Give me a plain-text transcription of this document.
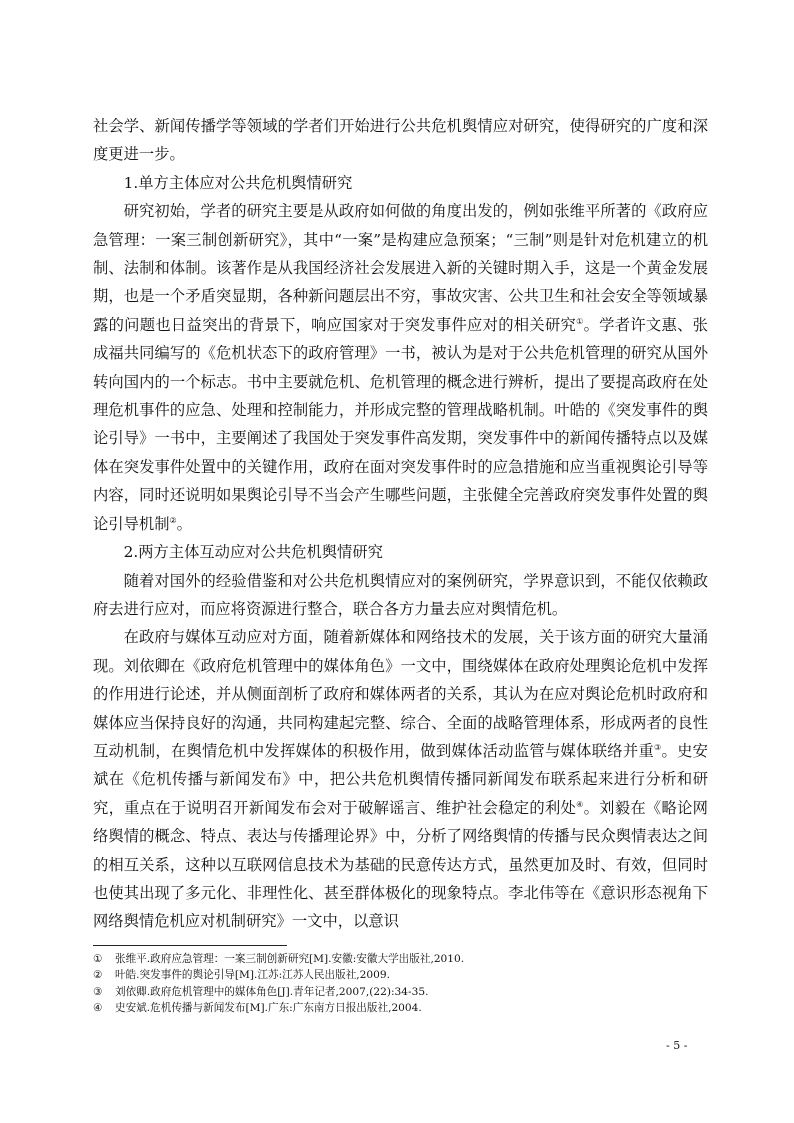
社会学、新闻传播学等领域的学者们开始进行公共危机舆情应对研究，使得研究的广度和深度更进一步。

1.单方主体应对公共危机舆情研究

研究初始，学者的研究主要是从政府如何做的角度出发的，例如张维平所著的《政府应急管理：一案三制创新研究》，其中“一案”是构建应急预案；“三制”则是针对危机建立的机制、法制和体制。该著作是从我国经济社会发展进入新的关键时期入手，这是一个黄金发展期，也是一个矛盾突显期，各种新问题层出不穷，事故灾害、公共卫生和社会安全等领域暴露的问题也日益突出的背景下，响应国家对于突发事件应对的相关研究①。学者许文惠、张成福共同编写的《危机状态下的政府管理》一书，被认为是对于公共危机管理的研究从国外转向国内的一个标志。书中主要就危机、危机管理的概念进行辨析，提出了要提高政府在处理危机事件的应急、处理和控制能力，并形成完整的管理战略机制。叶皓的《突发事件的舆论引导》一书中，主要阐述了我国处于突发事件高发期，突发事件中的新闻传播特点以及媒体在突发事件处置中的关键作用，政府在面对突发事件时的应急措施和应当重视舆论引导等内容，同时还说明如果舆论引导不当会产生哪些问题，主张健全完善政府突发事件处置的舆论引导机制②。

2.两方主体互动应对公共危机舆情研究

随着对国外的经验借鉴和对公共危机舆情应对的案例研究，学界意识到，不能仅依赖政府去进行应对，而应将资源进行整合，联合各方力量去应对舆情危机。

在政府与媒体互动应对方面，随着新媒体和网络技术的发展，关于该方面的研究大量涌现。刘依卿在《政府危机管理中的媒体角色》一文中，围绕媒体在政府处理舆论危机中发挥的作用进行论述，并从侧面剖析了政府和媒体两者的关系，其认为在应对舆论危机时政府和媒体应当保持良好的沟通，共同构建起完整、综合、全面的战略管理体系，形成两者的良性互动机制，在舆情危机中发挥媒体的积极作用，做到媒体活动监管与媒体联络并重③。史安斌在《危机传播与新闻发布》中，把公共危机舆情传播同新闻发布联系起来进行分析和研究，重点在于说明召开新闻发布会对于破解谣言、维护社会稳定的利处④。刘毅在《略论网络舆情的概念、特点、表达与传播理论界》中，分析了网络舆情的传播与民众舆情表达之间的相互关系，这种以互联网信息技术为基础的民意传达方式，虽然更加及时、有效，但同时也使其出现了多元化、非理性化、甚至群体极化的现象特点。李北伟等在《意识形态视角下网络舆情危机应对机制研究》一文中，以意识

① 张维平.政府应急管理：一案三制创新研究[M].安徽:安徽大学出版社,2010.

② 叶皓.突发事件的舆论引导[M].江苏:江苏人民出版社,2009.

③ 刘依卿.政府危机管理中的媒体角色[J].青年记者,2007,(22):34-35.

④ 史安斌.危机传播与新闻发布[M].广东:广东南方日报出版社,2004.

- 5 -
